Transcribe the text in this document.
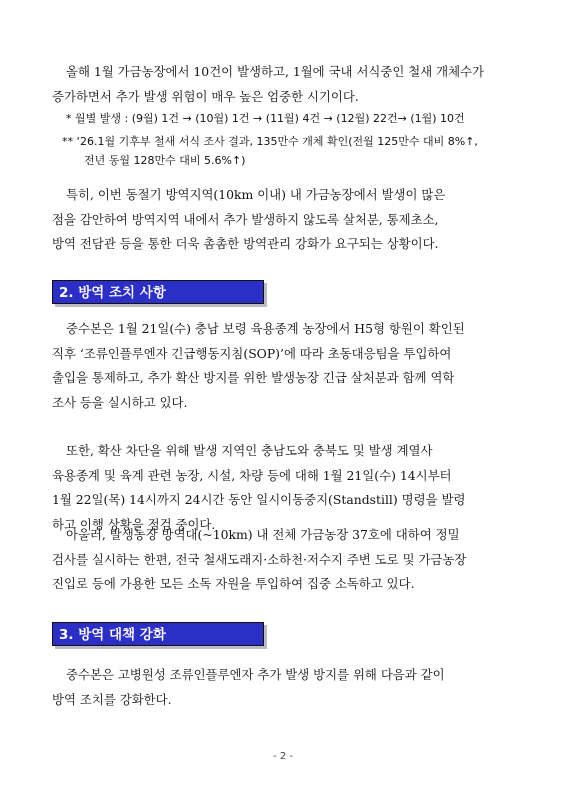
올해 1월 가금농장에서 10건이 발생하고, 1월에 국내 서식중인 철새 개체수가
증가하면서 추가 발생 위험이 매우 높은 엄중한 시기이다.

* 월별 발생 : (9월) 1건 → (10월) 1건 → (11월) 4건 → (12월) 22건→ (1월) 10건

** ‘26.1월 기후부 철새 서식 조사 결과, 135만수 개체 확인(전월 125만수 대비 8%↑,
전년 동월 128만수 대비 5.6%↑)

특히, 이번 동절기 방역지역(10km 이내) 내 가금농장에서 발생이 많은
점을 감안하여 방역지역 내에서 추가 발생하지 않도록 살처분, 통제초소,
방역 전담관 등을 통한 더욱 촘촘한 방역관리 강화가 요구되는 상황이다.

2. 방역 조치 사항

중수본은 1월 21일(수) 충남 보령 육용종계 농장에서 H5형 항원이 확인된
직후 ‘조류인플루엔자 긴급행동지침(SOP)’에 따라 초동대응팀을 투입하여
출입을 통제하고, 추가 확산 방지를 위한 발생농장 긴급 살처분과 함께 역학
조사 등을 실시하고 있다.

또한, 확산 차단을 위해 발생 지역인 충남도와 충북도 및 발생 계열사
육용종계 및 육계 관련 농장, 시설, 차량 등에 대해 1월 21일(수) 14시부터
1월 22일(목) 14시까지 24시간 동안 일시이동중지(Standstill) 명령을 발령
하고 이행 상황을 점검 중이다.

아울러, 발생농장 방역대(~10km) 내 전체 가금농장 37호에 대하여 정밀
검사를 실시하는 한편, 전국 철새도래지·소하천·저수지 주변 도로 및 가금농장
진입로 등에 가용한 모든 소독 자원을 투입하여 집중 소독하고 있다.

3. 방역 대책 강화

중수본은 고병원성 조류인플루엔자 추가 발생 방지를 위해 다음과 같이
방역 조치를 강화한다.

- 2 -
